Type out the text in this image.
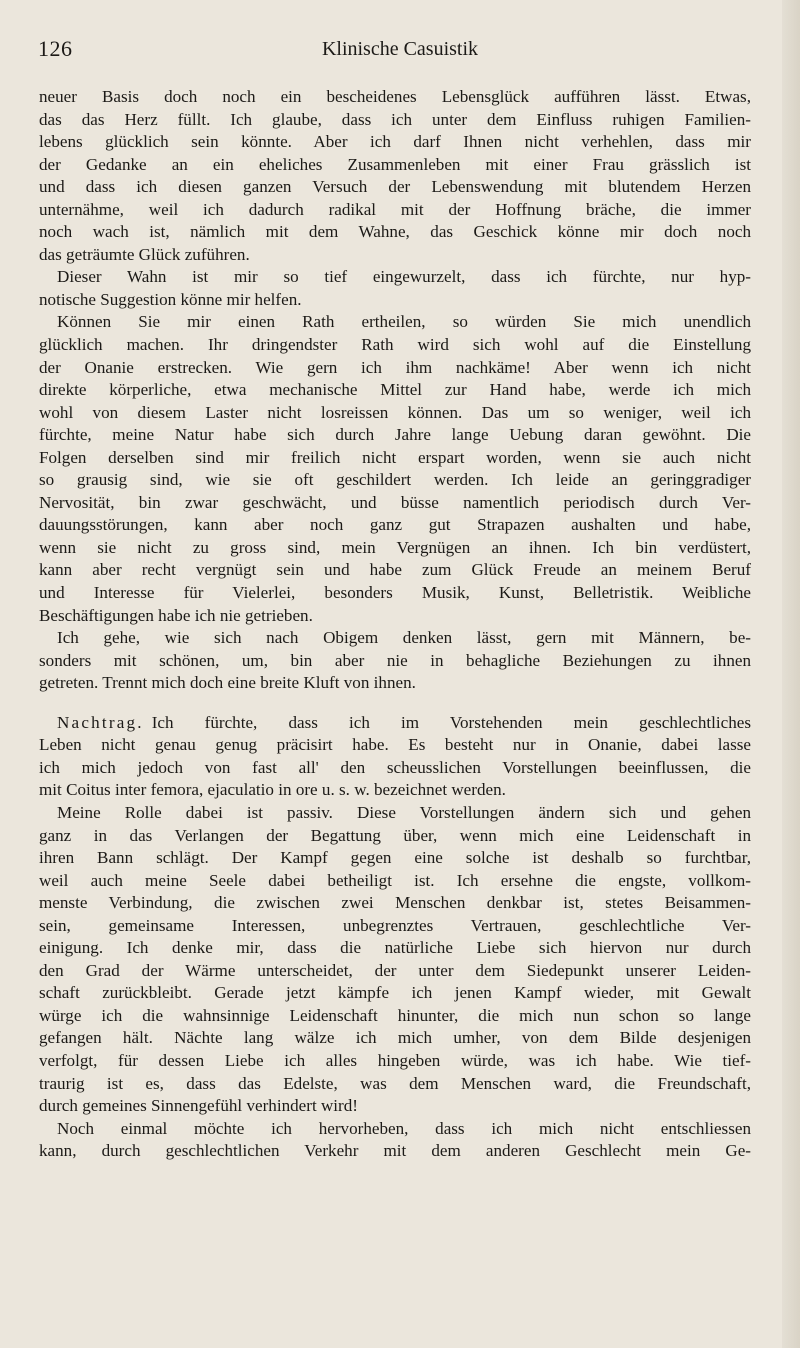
126	Klinische Casuistik
neuer Basis doch noch ein bescheidenes Lebensglück aufführen lässt. Etwas,
das das Herz füllt. Ich glaube, dass ich unter dem Einfluss ruhigen Familien-
lebens glücklich sein könnte. Aber ich darf Ihnen nicht verhehlen, dass mir
der Gedanke an ein eheliches Zusammenleben mit einer Frau grässlich ist
und dass ich diesen ganzen Versuch der Lebenswendung mit blutendem Herzen
unternähme, weil ich dadurch radikal mit der Hoffnung bräche, die immer
noch wach ist, nämlich mit dem Wahne, das Geschick könne mir doch noch
das geträumte Glück zuführen.
Dieser Wahn ist mir so tief eingewurzelt, dass ich fürchte, nur hyp-
notische Suggestion könne mir helfen.
Können Sie mir einen Rath ertheilen, so würden Sie mich unendlich
glücklich machen. Ihr dringendster Rath wird sich wohl auf die Einstellung
der Onanie erstrecken. Wie gern ich ihm nachkäme! Aber wenn ich nicht
direkte körperliche, etwa mechanische Mittel zur Hand habe, werde ich mich
wohl von diesem Laster nicht losreissen können. Das um so weniger, weil ich
fürchte, meine Natur habe sich durch Jahre lange Uebung daran gewöhnt. Die
Folgen derselben sind mir freilich nicht erspart worden, wenn sie auch nicht
so grausig sind, wie sie oft geschildert werden. Ich leide an geringgradiger
Nervosität, bin zwar geschwächt, und büsse namentlich periodisch durch Ver-
dauungsstörungen, kann aber noch ganz gut Strapazen aushalten und habe,
wenn sie nicht zu gross sind, mein Vergnügen an ihnen. Ich bin verdüstert,
kann aber recht vergnügt sein und habe zum Glück Freude an meinem Beruf
und Interesse für Vielerlei, besonders Musik, Kunst, Belletristik. Weibliche
Beschäftigungen habe ich nie getrieben.
Ich gehe, wie sich nach Obigem denken lässt, gern mit Männern, be-
sonders mit schönen, um, bin aber nie in behagliche Beziehungen zu ihnen
getreten. Trennt mich doch eine breite Kluft von ihnen.
Nachtrag. Ich fürchte, dass ich im Vorstehenden mein geschlechtliches
Leben nicht genau genug präcisirt habe. Es besteht nur in Onanie, dabei lasse
ich mich jedoch von fast all' den scheusslichen Vorstellungen beeinflussen, die
mit Coitus inter femora, ejaculatio in ore u. s. w. bezeichnet werden.
Meine Rolle dabei ist passiv. Diese Vorstellungen ändern sich und gehen
ganz in das Verlangen der Begattung über, wenn mich eine Leidenschaft in
ihren Bann schlägt. Der Kampf gegen eine solche ist deshalb so furchtbar,
weil auch meine Seele dabei betheiligt ist. Ich ersehne die engste, vollkom-
menste Verbindung, die zwischen zwei Menschen denkbar ist, stetes Beisammen-
sein, gemeinsame Interessen, unbegrenztes Vertrauen, geschlechtliche Ver-
einigung. Ich denke mir, dass die natürliche Liebe sich hiervon nur durch
den Grad der Wärme unterscheidet, der unter dem Siedepunkt unserer Leiden-
schaft zurückbleibt. Gerade jetzt kämpfe ich jenen Kampf wieder, mit Gewalt
würge ich die wahnsinnige Leidenschaft hinunter, die mich nun schon so lange
gefangen hält. Nächte lang wälze ich mich umher, von dem Bilde desjenigen
verfolgt, für dessen Liebe ich alles hingeben würde, was ich habe. Wie tief-
traurig ist es, dass das Edelste, was dem Menschen ward, die Freundschaft,
durch gemeines Sinnengefühl verhindert wird!
Noch einmal möchte ich hervorheben, dass ich mich nicht entschliessen
kann, durch geschlechtlichen Verkehr mit dem anderen Geschlecht mein Ge-
